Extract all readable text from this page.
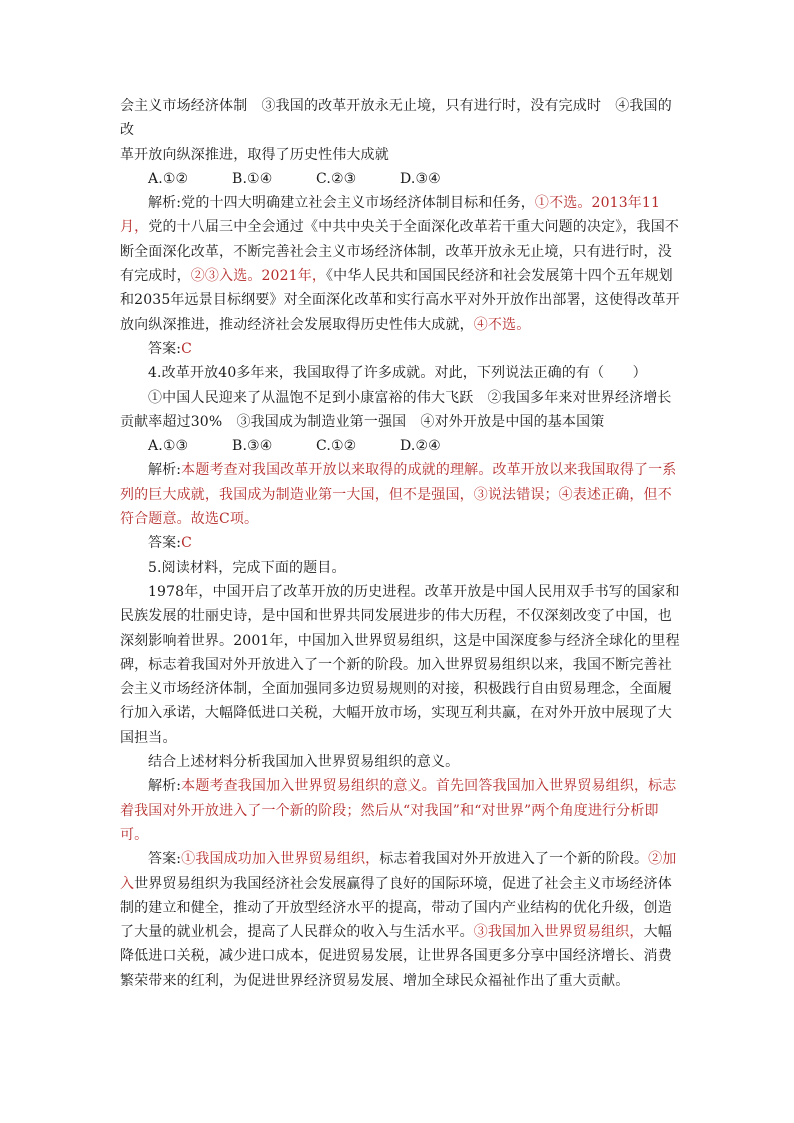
会主义市场经济体制　③我国的改革开放永无止境，只有进行时，没有完成时　④我国的改

革开放向纵深推进，取得了历史性伟大成就

A.①②	B.①④	C.②③	D.③④

解析:党的十四大明确建立社会主义市场经济体制目标和任务，①不选。2013年11月，党的十八届三中全会通过《中共中央关于全面深化改革若干重大问题的决定》，我国不断全面深化改革，不断完善社会主义市场经济体制，改革开放永无止境，只有进行时，没有完成时，②③入选。2021年，《中华人民共和国国民经济和社会发展第十四个五年规划和2035年远景目标纲要》对全面深化改革和实行高水平对外开放作出部署，这使得改革开放向纵深推进，推动经济社会发展取得历史性伟大成就，④不选。

答案:C

4.改革开放40多年来，我国取得了许多成就。对此，下列说法正确的有（　　）

①中国人民迎来了从温饱不足到小康富裕的伟大飞跃　②我国多年来对世界经济增长贡献率超过30%　③我国成为制造业第一强国　④对外开放是中国的基本国策

A.①③	B.③④	C.①②	D.②④

解析:本题考查对我国改革开放以来取得的成就的理解。改革开放以来我国取得了一系列的巨大成就，我国成为制造业第一大国，但不是强国，③说法错误；④表述正确，但不符合题意。故选C项。

答案:C

5.阅读材料，完成下面的题目。

1978年，中国开启了改革开放的历史进程。改革开放是中国人民用双手书写的国家和民族发展的壮丽史诗，是中国和世界共同发展进步的伟大历程，不仅深刻改变了中国，也深刻影响着世界。2001年，中国加入世界贸易组织，这是中国深度参与经济全球化的里程碑，标志着我国对外开放进入了一个新的阶段。加入世界贸易组织以来，我国不断完善社会主义市场经济体制，全面加强同多边贸易规则的对接，积极践行自由贸易理念，全面履行加入承诺，大幅降低进口关税，大幅开放市场，实现互利共赢，在对外开放中展现了大国担当。

结合上述材料分析我国加入世界贸易组织的意义。

解析:本题考查我国加入世界贸易组织的意义。首先回答我国加入世界贸易组织，标志着我国对外开放进入了一个新的阶段；然后从“对我国”和“对世界”两个角度进行分析即可。

答案:①我国成功加入世界贸易组织，标志着我国对外开放进入了一个新的阶段。②加入世界贸易组织为我国经济社会发展赢得了良好的国际环境，促进了社会主义市场经济体制的建立和健全，推动了开放型经济水平的提高，带动了国内产业结构的优化升级，创造了大量的就业机会，提高了人民群众的收入与生活水平。③我国加入世界贸易组织，大幅降低进口关税，减少进口成本，促进贸易发展，让世界各国更多分享中国经济增长、消费繁荣带来的红利，为促进世界经济贸易发展、增加全球民众福祉作出了重大贡献。
